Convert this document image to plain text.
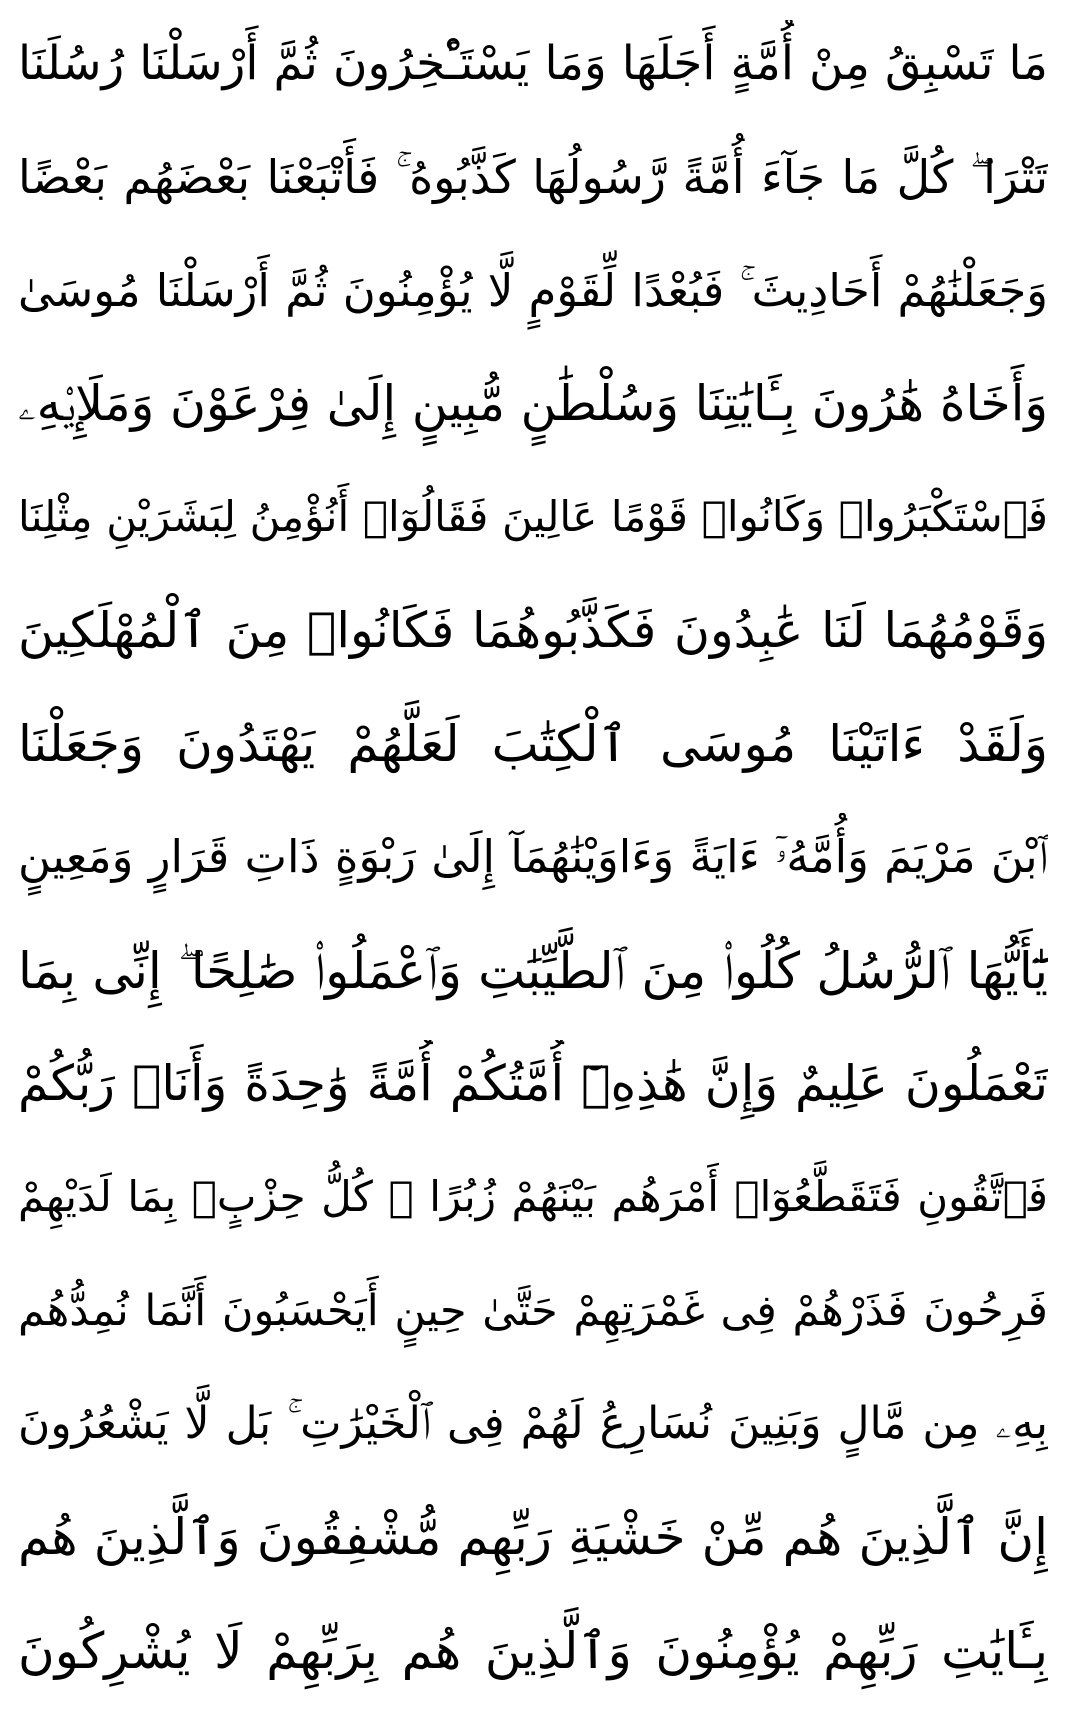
مَا تَسْبِقُ مِنْ أُمَّةٍ أَجَلَهَا وَمَا يَسْتَـْٔخِرُونَ ثُمَّ أَرْسَلْنَا رُسُلَنَا
تَتْرَا ۖ كُلَّ مَا جَآءَ أُمَّةً رَّسُولُهَا كَذَّبُوهُ ۚ فَأَتْبَعْنَا بَعْضَهُم بَعْضًا
وَجَعَلْنَٰهُمْ أَحَادِيثَ ۚ فَبُعْدًا لِّقَوْمٍ لَّا يُؤْمِنُونَ ثُمَّ أَرْسَلْنَا مُوسَىٰ
وَأَخَاهُ هَٰرُونَ بِـَٔايَٰتِنَا وَسُلْطَٰنٍ مُّبِينٍ إِلَىٰ فِرْعَوْنَ وَمَلَإِي۟هِۦ
فَٱسْتَكْبَرُوا۟ وَكَانُوا۟ قَوْمًا عَالِينَ فَقَالُوٓا۟ أَنُؤْمِنُ لِبَشَرَيْنِ مِثْلِنَا
وَقَوْمُهُمَا لَنَا عَٰبِدُونَ فَكَذَّبُوهُمَا فَكَانُوا۟ مِنَ ٱلْمُهْلَكِينَ
وَلَقَدْ ءَاتَيْنَا مُوسَى ٱلْكِتَٰبَ لَعَلَّهُمْ يَهْتَدُونَ وَجَعَلْنَا
ٱبْنَ مَرْيَمَ وَأُمَّهُۥٓ ءَايَةً وَءَاوَيْنَٰهُمَآ إِلَىٰ رَبْوَةٍ ذَاتِ قَرَارٍ وَمَعِينٍ
يَٰٓأَيُّهَا ٱلرُّسُلُ كُلُوا۟ مِنَ ٱلطَّيِّبَٰتِ وَٱعْمَلُوا۟ صَٰلِحًا ۖ إِنِّى بِمَا
تَعْمَلُونَ عَلِيمٌ وَإِنَّ هَٰذِهِۦٓ أُمَّتُكُمْ أُمَّةً وَٰحِدَةً وَأَنَا۠ رَبُّكُمْ
فَٱتَّقُونِ فَتَقَطَّعُوٓا۟ أَمْرَهُم بَيْنَهُمْ زُبُرًا ۖ كُلُّ حِزْبٍۭ بِمَا لَدَيْهِمْ
فَرِحُونَ فَذَرْهُمْ فِى غَمْرَتِهِمْ حَتَّىٰ حِينٍ أَيَحْسَبُونَ أَنَّمَا نُمِدُّهُم
بِهِۦ مِن مَّالٍ وَبَنِينَ نُسَارِعُ لَهُمْ فِى ٱلْخَيْرَٰتِ ۚ بَل لَّا يَشْعُرُونَ
إِنَّ ٱلَّذِينَ هُم مِّنْ خَشْيَةِ رَبِّهِم مُّشْفِقُونَ وَٱلَّذِينَ هُم
بِـَٔايَٰتِ رَبِّهِمْ يُؤْمِنُونَ وَٱلَّذِينَ هُم بِرَبِّهِمْ لَا يُشْرِكُونَ
